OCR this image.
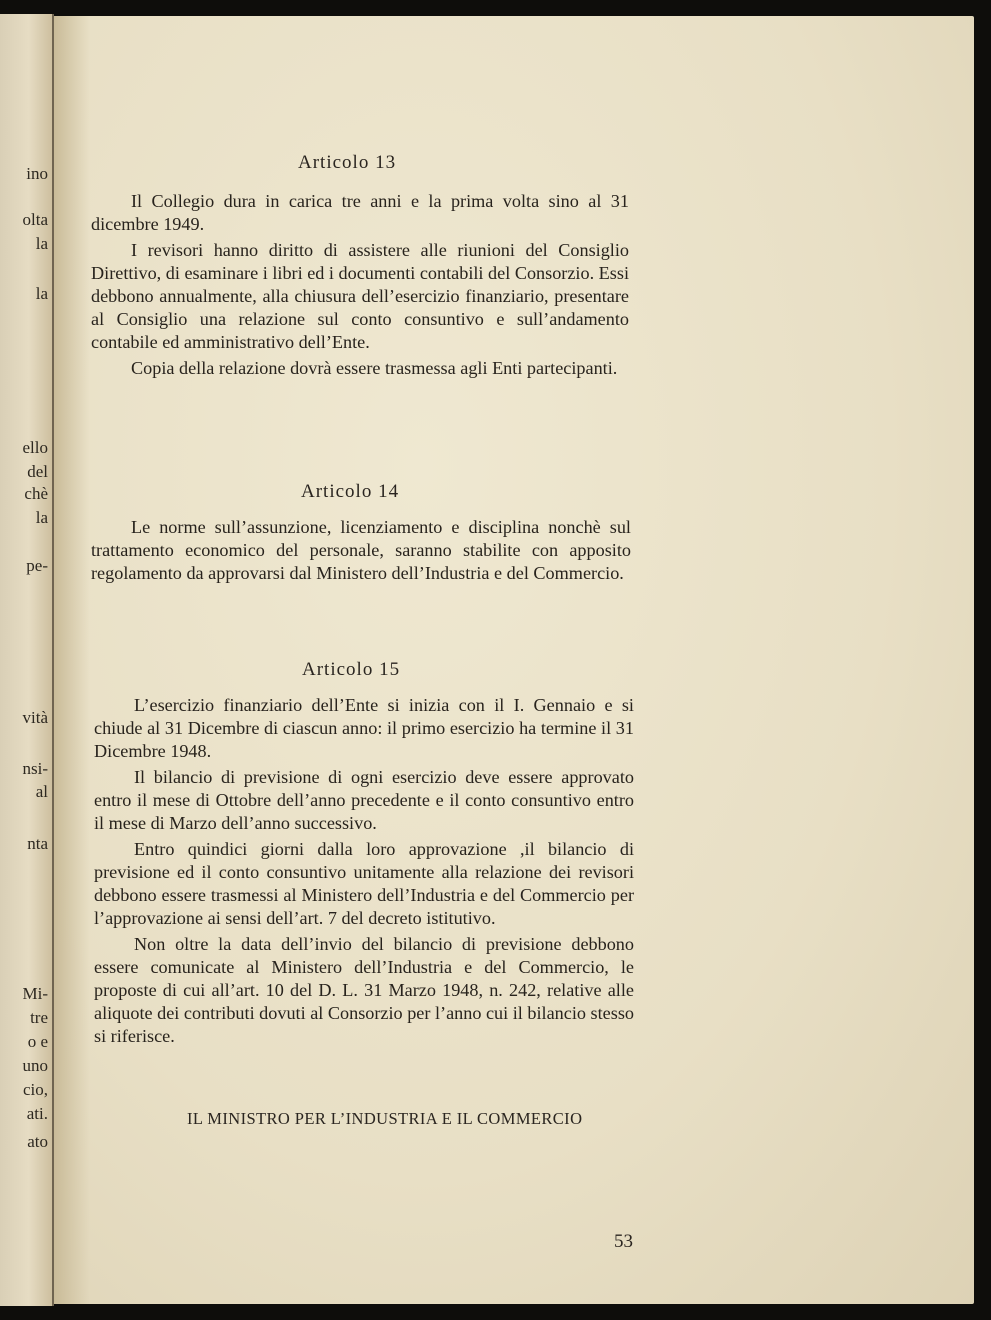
ino
olta
la
la
ello
del
chè
la
pe-
vità
nsi-
al
nta
Mi-
tre
o e
uno
cio,
ati.
ato
Articolo 13

Il Collegio dura in carica tre anni e la prima volta sino al 31 dicembre 1949.

I revisori hanno diritto di assistere alle riunioni del Consiglio Direttivo, di esaminare i libri ed i documenti contabili del Consorzio. Essi debbono annualmente, alla chiusura dell’esercizio finanziario, presentare al Consiglio una relazione sul conto consuntivo e sull’andamento contabile ed amministrativo dell’Ente.

Copia della relazione dovrà essere trasmessa agli Enti partecipanti.

Articolo 14

Le norme sull’assunzione, licenziamento e disciplina nonchè sul trattamento economico del personale, saranno stabilite con apposito regolamento da approvarsi dal Ministero dell’Industria e del Commercio.

Articolo 15

L’esercizio finanziario dell’Ente si inizia con il I. Gennaio e si chiude al 31 Dicembre di ciascun anno: il primo esercizio ha termine il 31 Dicembre 1948.

Il bilancio di previsione di ogni esercizio deve essere approvato entro il mese di Ottobre dell’anno precedente e il conto consuntivo entro il mese di Marzo dell’anno successivo.

Entro quindici giorni dalla loro approvazione ,il bilancio di previsione ed il conto consuntivo unitamente alla relazione dei revisori debbono essere trasmessi al Ministero dell’Industria e del Commercio per l’approvazione ai sensi dell’art. 7 del decreto istitutivo.

Non oltre la data dell’invio del bilancio di previsione debbono essere comunicate al Ministero dell’Industria e del Commercio, le proposte di cui all’art. 10 del D. L. 31 Marzo 1948, n. 242, relative alle aliquote dei contributi dovuti al Consorzio per l’anno cui il bilancio stesso si riferisce.

IL MINISTRO PER L’INDUSTRIA E IL COMMERCIO
53
